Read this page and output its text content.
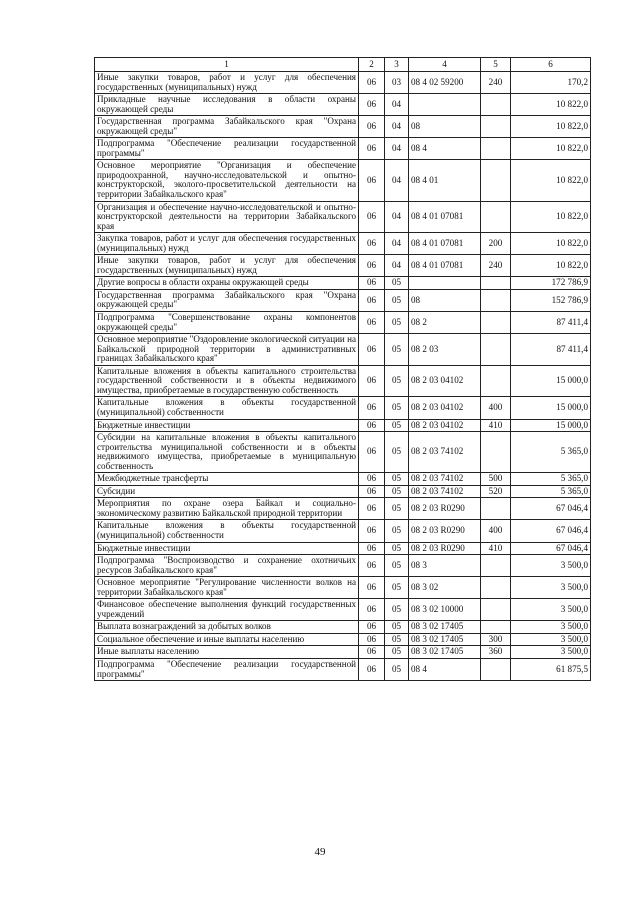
1	2	3	4	5	6
Иные закупки товаров, работ и услуг для обеспечения государственных (муниципальных) нужд	06	03	08 4 02 59200	240	170,2
Прикладные научные исследования в области охраны окружающей среды	06	04			10 822,0
Государственная программа Забайкальского края "Охрана окружающей среды"	06	04	08		10 822,0
Подпрограмма "Обеспечение реализации государственной программы"	06	04	08 4		10 822,0
Основное мероприятие "Организация и обеспечение природоохранной, научно-исследовательской и опытно-конструкторской, эколого-просветительской деятельности на территории Забайкальского края"	06	04	08 4 01		10 822,0
Организация и обеспечение научно-исследовательской и опытно-конструкторской деятельности на территории Забайкальского края	06	04	08 4 01 07081		10 822,0
Закупка товаров, работ и услуг для обеспечения государственных (муниципальных) нужд	06	04	08 4 01 07081	200	10 822,0
Иные закупки товаров, работ и услуг для обеспечения государственных (муниципальных) нужд	06	04	08 4 01 07081	240	10 822,0
Другие вопросы в области охраны окружающей среды	06	05			172 786,9
Государственная программа Забайкальского края "Охрана окружающей среды"	06	05	08		152 786,9
Подпрограмма "Совершенствование охраны компонентов окружающей среды"	06	05	08 2		87 411,4
Основное мероприятие "Оздоровление экологической ситуации на Байкальской природной территории в административных границах Забайкальского края"	06	05	08 2 03		87 411,4
Капитальные вложения в объекты капитального строительства государственной собственности и в объекты недвижимого имущества, приобретаемые в государственную собственность	06	05	08 2 03 04102		15 000,0
Капитальные вложения в объекты государственной (муниципальной) собственности	06	05	08 2 03 04102	400	15 000,0
Бюджетные инвестиции	06	05	08 2 03 04102	410	15 000,0
Субсидии на капитальные вложения в объекты капитального строительства муниципальной собственности и в объекты недвижимого имущества, приобретаемые в муниципальную собственность	06	05	08 2 03 74102		5 365,0
Межбюджетные трансферты	06	05	08 2 03 74102	500	5 365,0
Субсидии	06	05	08 2 03 74102	520	5 365,0
Мероприятия по охране озера Байкал и социально-экономическому развитию Байкальской природной территории	06	05	08 2 03 R0290		67 046,4
Капитальные вложения в объекты государственной (муниципальной) собственности	06	05	08 2 03 R0290	400	67 046,4
Бюджетные инвестиции	06	05	08 2 03 R0290	410	67 046,4
Подпрограмма "Воспроизводство и сохранение охотничьих ресурсов Забайкальского края"	06	05	08 3		3 500,0
Основное мероприятие "Регулирование численности волков на территории Забайкальского края"	06	05	08 3 02		3 500,0
Финансовое обеспечение выполнения функций государственных учреждений	06	05	08 3 02 10000		3 500,0
Выплата вознаграждений за добытых волков	06	05	08 3 02 17405		3 500,0
Социальное обеспечение и иные выплаты населению	06	05	08 3 02 17405	300	3 500,0
Иные выплаты населению	06	05	08 3 02 17405	360	3 500,0
Подпрограмма "Обеспечение реализации государственной программы"	06	05	08 4		61 875,5
49
